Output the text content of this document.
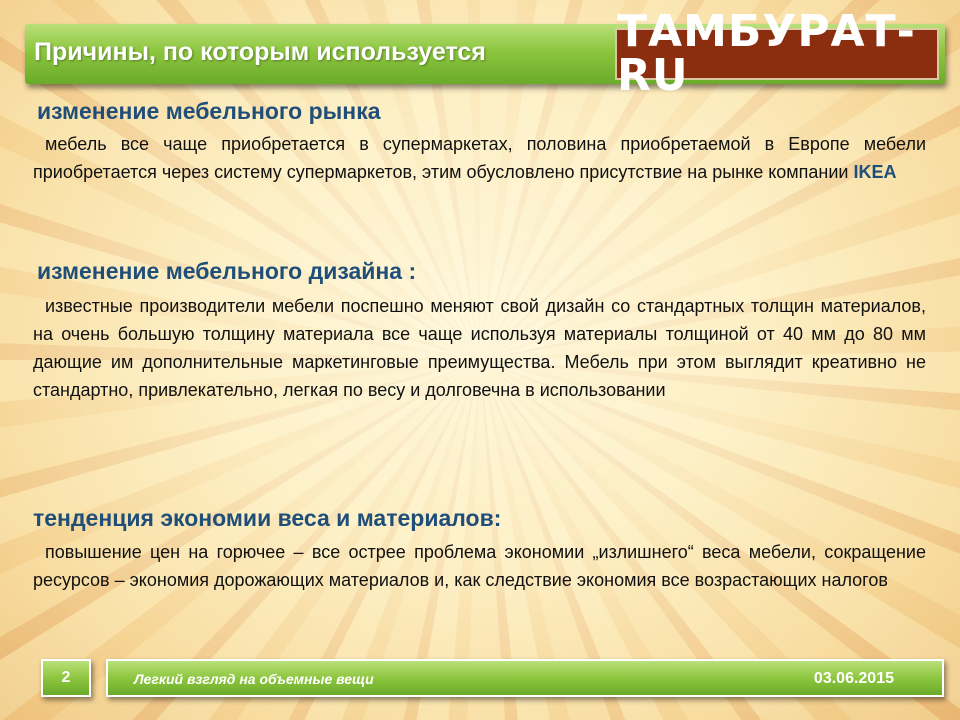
Причины, по которым используется	ТАМБУРАТ-RU
изменение мебельного рынка
мебель все чаще приобретается в супермаркетах, половина приобретаемой в Европе мебели приобретается через систему супермаркетов, этим обусловлено присутствие на рынке компании IKEA
изменение мебельного дизайна :
известные производители мебели поспешно меняют свой дизайн со стандартных толщин материалов, на очень большую толщину материала все чаще используя материалы толщиной от 40 мм до 80 мм дающие им дополнительные маркетинговые преимущества. Мебель при этом выглядит креативно не стандартно, привлекательно, легкая по весу и долговечна в использовании
тенденция экономии веса и материалов:
повышение цен на горючее – все острее проблема экономии „излишнего“ веса мебели, сокращение ресурсов – экономия дорожающих материалов и, как следствие экономия все возрастающих налогов
2	Легкий взгляд на объемные вещи	03.06.2015
